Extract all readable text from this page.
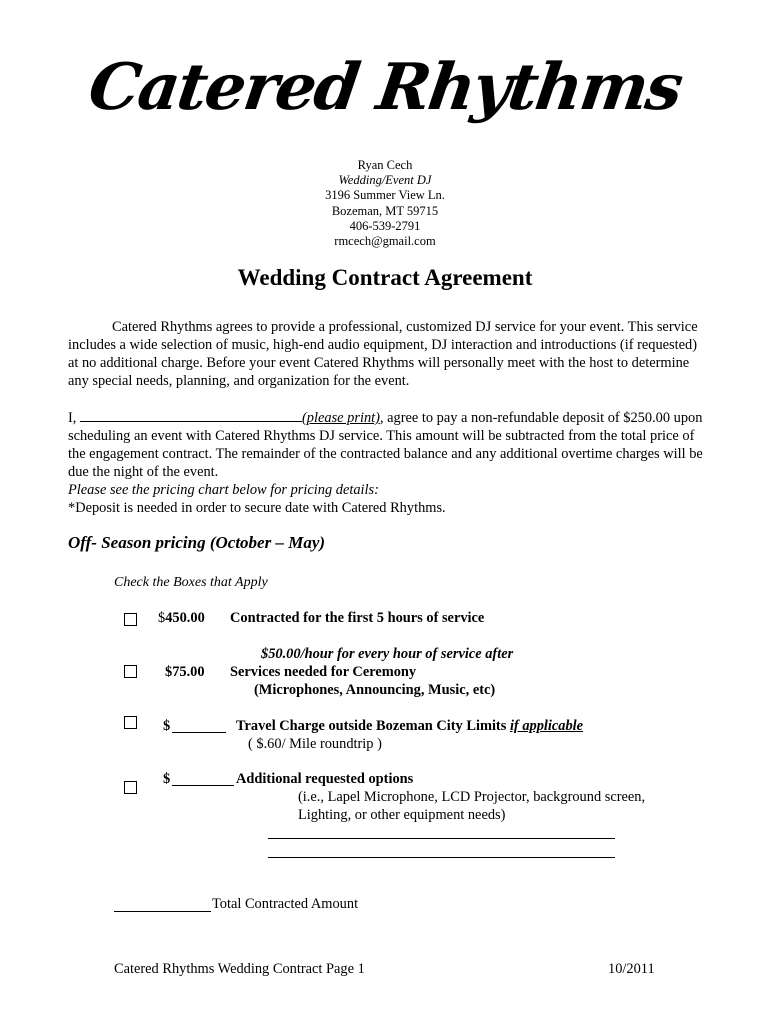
Catered Rhythms
Ryan Cech
Wedding/Event DJ
3196 Summer View Ln.
Bozeman, MT 59715
406-539-2791
rmcech@gmail.com
Wedding Contract Agreement
Catered Rhythms agrees to provide a professional, customized DJ service for your event. This service includes a wide selection of music, high-end audio equipment, DJ interaction and introductions (if requested) at no additional charge. Before your event Catered Rhythms will personally meet with the host to determine any special needs, planning, and organization for the event.
I,	(please print), agree to pay a non-refundable deposit of $250.00 upon scheduling an event with Catered Rhythms DJ service. This amount will be subtracted from the total price of the engagement contract. The remainder of the contracted balance and any additional overtime charges will be due the night of the event.
Please see the pricing chart below for pricing details:
*Deposit is needed in order to secure date with Catered Rhythms.
Off- Season pricing (October – May)
Check the Boxes that Apply
$450.00 Contracted for the first 5 hours of service
$50.00/hour for every hour of service after
$75.00 Services needed for Ceremony
(Microphones, Announcing, Music, etc)
$	Travel Charge outside Bozeman City Limits if applicable
( $.60/ Mile roundtrip )
$	Additional requested options
(i.e., Lapel Microphone, LCD Projector, background screen,
Lighting, or other equipment needs)
Total Contracted Amount
Catered Rhythms Wedding Contract Page 1	10/2011
